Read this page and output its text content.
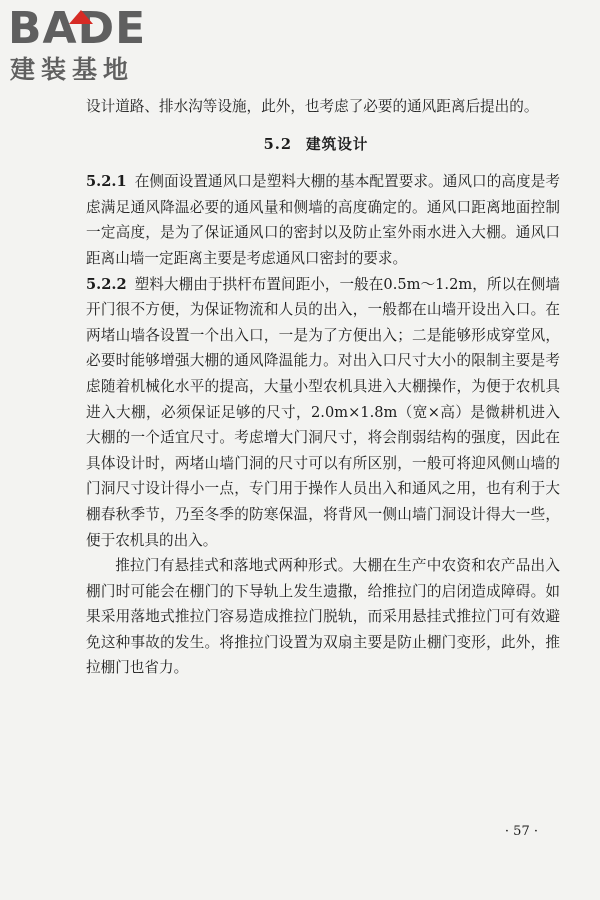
BADE
建装基地

设计道路、排水沟等设施，此外，也考虑了必要的通风距离后提出的。

5.2 建筑设计

5.2.1 在侧面设置通风口是塑料大棚的基本配置要求。通风口的高度是考虑满足通风降温必要的通风量和侧墙的高度确定的。通风口距离地面控制一定高度，是为了保证通风口的密封以及防止室外雨水进入大棚。通风口距离山墙一定距离主要是考虑通风口密封的要求。

5.2.2 塑料大棚由于拱杆布置间距小，一般在0.5m～1.2m，所以在侧墙开门很不方便，为保证物流和人员的出入，一般都在山墙开设出入口。在两堵山墙各设置一个出入口，一是为了方便出入；二是能够形成穿堂风，必要时能够增强大棚的通风降温能力。对出入口尺寸大小的限制主要是考虑随着机械化水平的提高，大量小型农机具进入大棚操作，为便于农机具进入大棚，必须保证足够的尺寸，2.0m×1.8m（宽×高）是微耕机进入大棚的一个适宜尺寸。考虑增大门洞尺寸，将会削弱结构的强度，因此在具体设计时，两堵山墙门洞的尺寸可以有所区别，一般可将迎风侧山墙的门洞尺寸设计得小一点，专门用于操作人员出入和通风之用，也有利于大棚春秋季节，乃至冬季的防寒保温，将背风一侧山墙门洞设计得大一些，便于农机具的出入。

推拉门有悬挂式和落地式两种形式。大棚在生产中农资和农产品出入棚门时可能会在棚门的下导轨上发生遗撒，给推拉门的启闭造成障碍。如果采用落地式推拉门容易造成推拉门脱轨，而采用悬挂式推拉门可有效避免这种事故的发生。将推拉门设置为双扇主要是防止棚门变形，此外，推拉棚门也省力。

· 57 ·
